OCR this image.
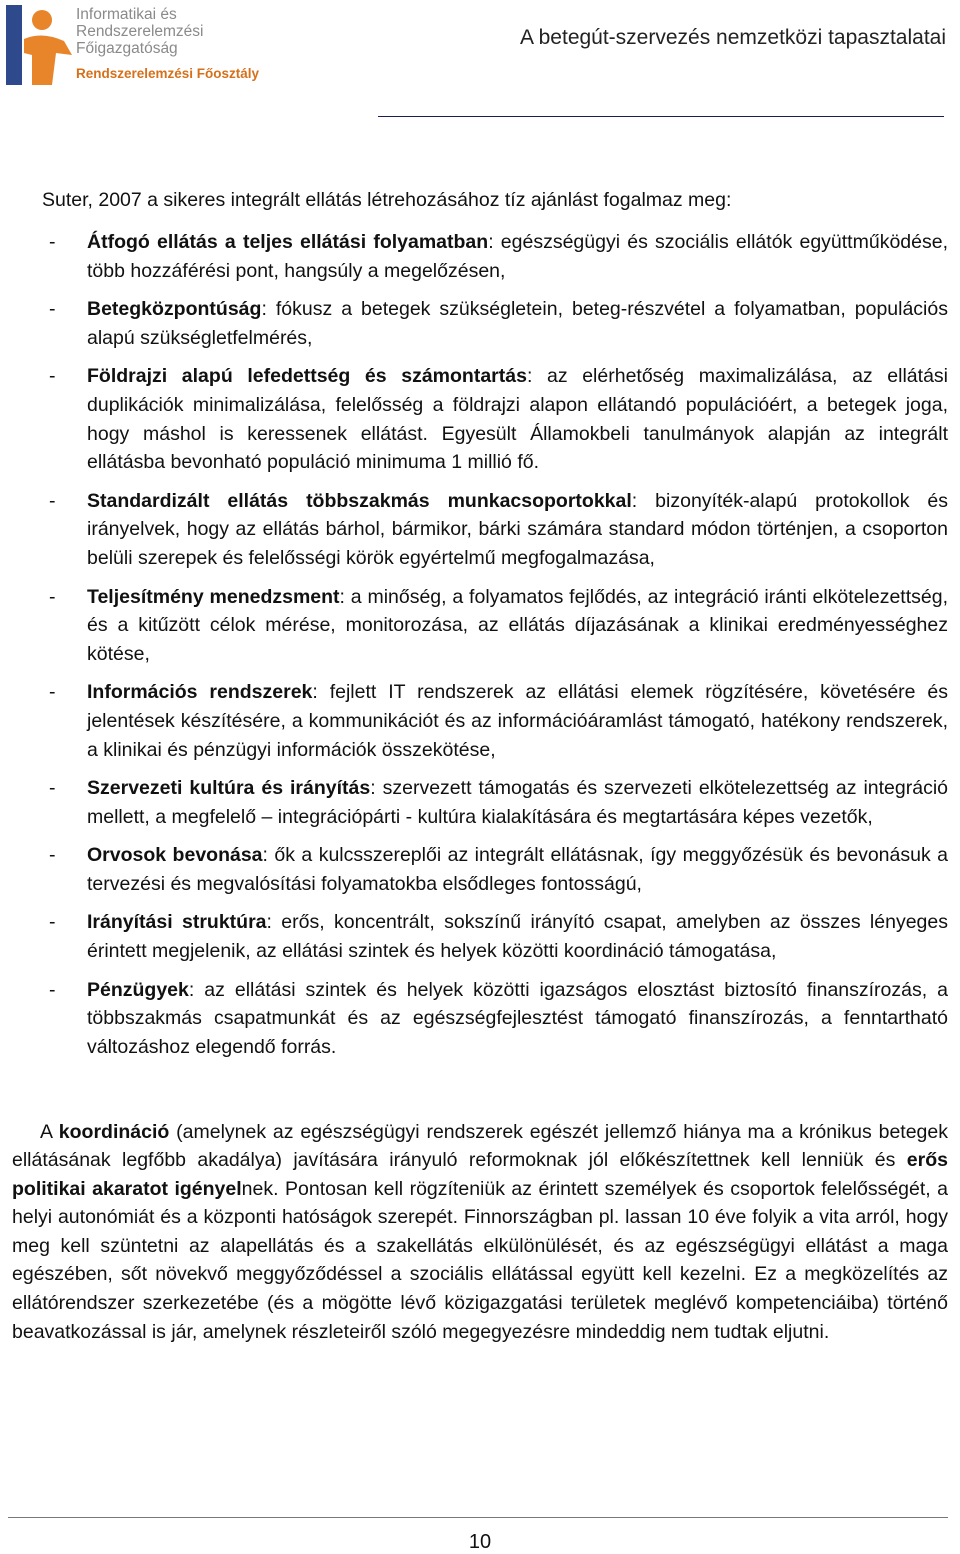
Informatikai és
Rendszerelemzési
Főigazgatóság
Rendszerelemzési Főosztály
A betegút-szervezés nemzetközi tapasztalatai
Suter, 2007 a sikeres integrált ellátás létrehozásához tíz ajánlást fogalmaz meg:
- Átfogó ellátás a teljes ellátási folyamatban: egészségügyi és szociális ellátók együttműködése, több hozzáférési pont, hangsúly a megelőzésen,
- Betegközpontúság: fókusz a betegek szükségletein, beteg-részvétel a folyamatban, populációs alapú szükségletfelmérés,
- Földrajzi alapú lefedettség és számontartás: az elérhetőség maximalizálása, az ellátási duplikációk minimalizálása, felelősség a földrajzi alapon ellátandó populációért, a betegek joga, hogy máshol is keressenek ellátást. Egyesült Államokbeli tanulmányok alapján az integrált ellátásba bevonható populáció minimuma 1 millió fő.
- Standardizált ellátás többszakmás munkacsoportokkal: bizonyíték-alapú protokollok és irányelvek, hogy az ellátás bárhol, bármikor, bárki számára standard módon történjen, a csoporton belüli szerepek és felelősségi körök egyértelmű megfogalmazása,
- Teljesítmény menedzsment: a minőség, a folyamatos fejlődés, az integráció iránti elkötelezettség, és a kitűzött célok mérése, monitorozása, az ellátás díjazásának a klinikai eredményességhez kötése,
- Információs rendszerek: fejlett IT rendszerek az ellátási elemek rögzítésére, követésére és jelentések készítésére, a kommunikációt és az információáramlást támogató, hatékony rendszerek, a klinikai és pénzügyi információk összekötése,
- Szervezeti kultúra és irányítás: szervezett támogatás és szervezeti elkötelezettség az integráció mellett, a megfelelő – integrációpárti - kultúra kialakítására és megtartására képes vezetők,
- Orvosok bevonása: ők a kulcsszereplői az integrált ellátásnak, így meggyőzésük és bevonásuk a tervezési és megvalósítási folyamatokba elsődleges fontosságú,
- Irányítási struktúra: erős, koncentrált, sokszínű irányító csapat, amelyben az összes lényeges érintett megjelenik, az ellátási szintek és helyek közötti koordináció támogatása,
- Pénzügyek: az ellátási szintek és helyek közötti igazságos elosztást biztosító finanszírozás, a többszakmás csapatmunkát és az egészségfejlesztést támogató finanszírozás, a fenntartható változáshoz elegendő forrás.

A koordináció (amelynek az egészségügyi rendszerek egészét jellemző hiánya ma a krónikus betegek ellátásának legfőbb akadálya) javítására irányuló reformoknak jól előkészítettnek kell lenniük és erős politikai akaratot igényelnek. Pontosan kell rögzíteniük az érintett személyek és csoportok felelősségét, a helyi autonómiát és a központi hatóságok szerepét. Finnországban pl. lassan 10 éve folyik a vita arról, hogy meg kell szüntetni az alapellátás és a szakellátás elkülönülését, és az egészségügyi ellátást a maga egészében, sőt növekvő meggyőződéssel a szociális ellátással együtt kell kezelni. Ez a megközelítés az ellátórendszer szerkezetébe (és a mögötte lévő közigazgatási területek meglévő kompetenciáiba) történő beavatkozással is jár, amelynek részleteiről szóló megegyezésre mindeddig nem tudtak eljutni.

10
